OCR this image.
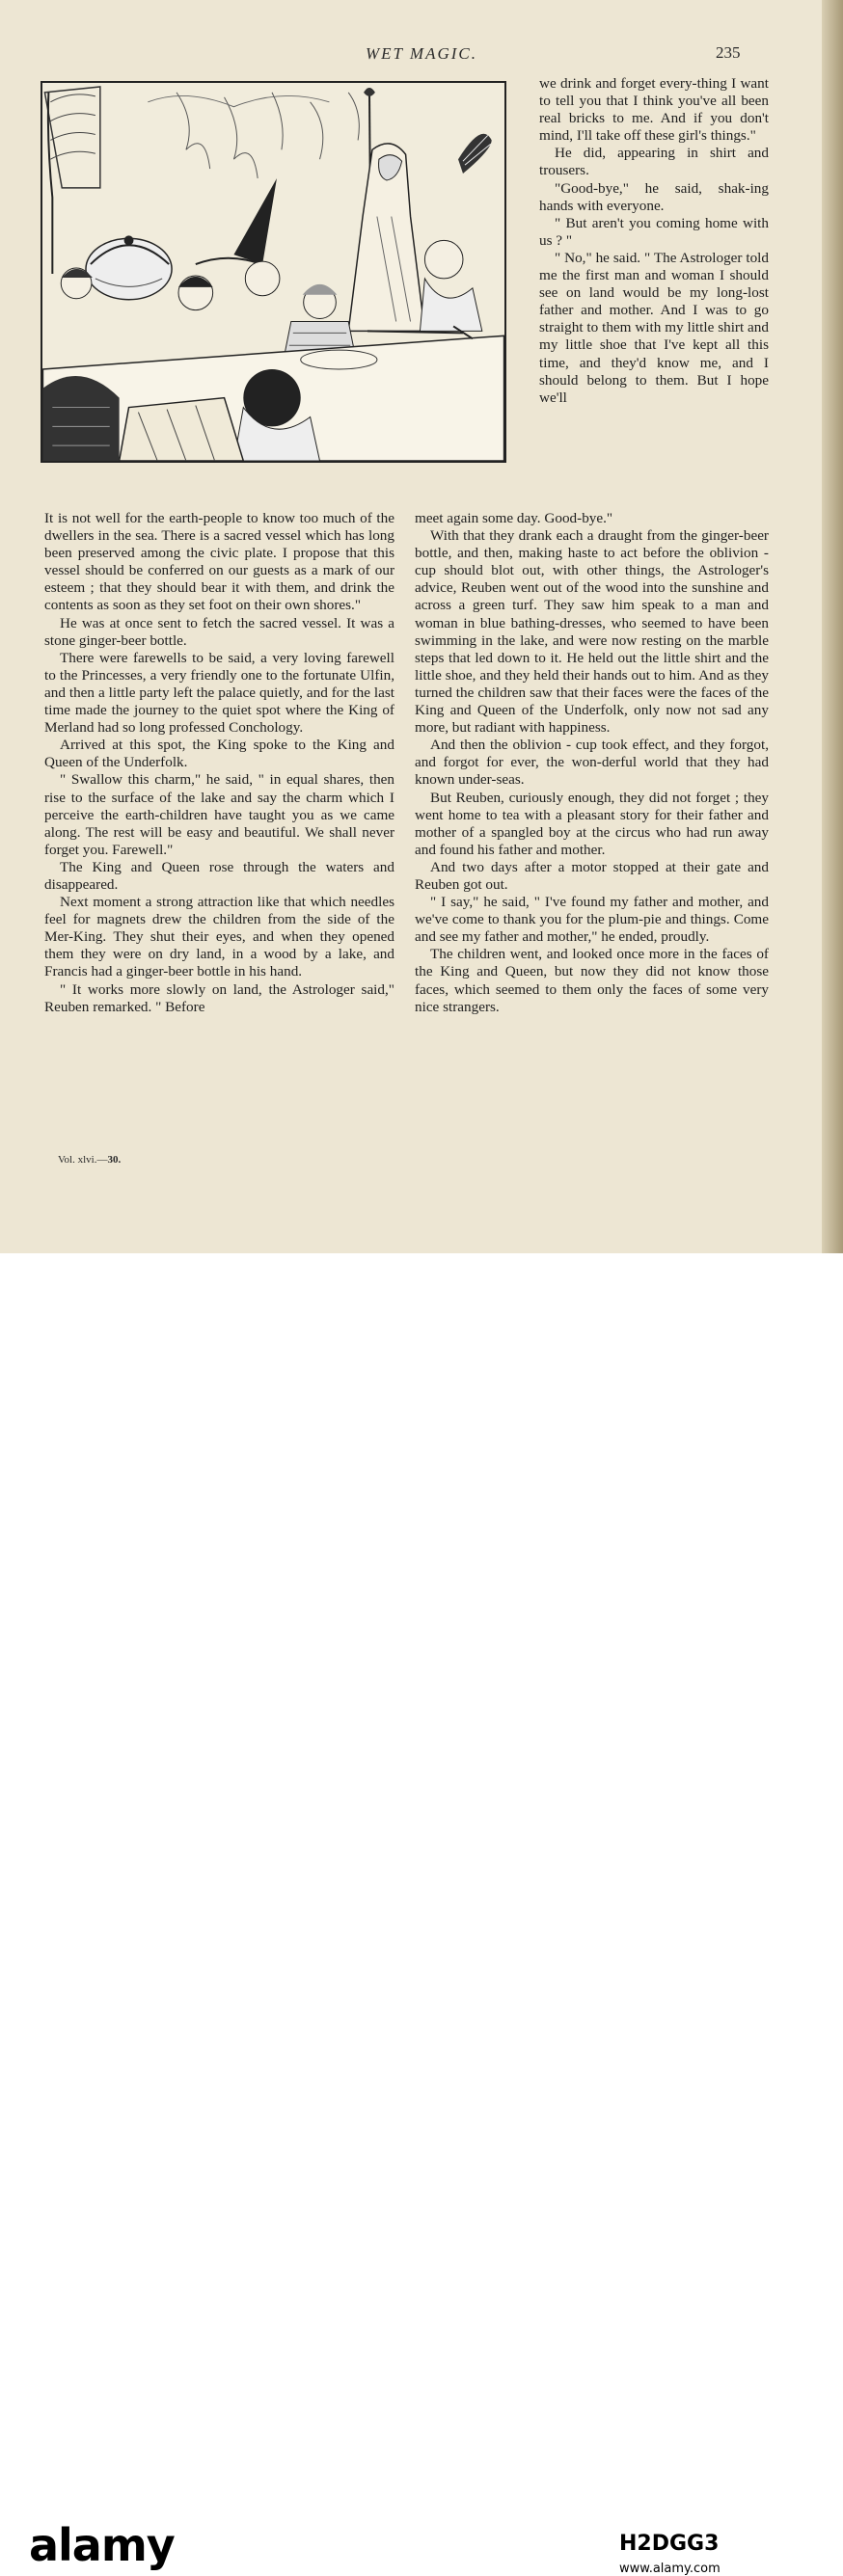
WET MAGIC.	235

we drink and forget every-thing I want to tell you that I think you've all been real bricks to me. And if you don't mind, I'll take off these girl's things."

He did, appearing in shirt and trousers.

"Good-bye," he said, shak-ing hands with everyone.

" But aren't you coming home with us ? "

" No," he said. " The Astrologer told me the first man and woman I should see on land would be my long-lost father and mother. And I was to go straight to them with my little shirt and my little shoe that I've kept all this time, and they'd know me, and I should belong to them. But I hope we'll

It is not well for the earth-people to know too much of the dwellers in the sea. There is a sacred vessel which has long been preserved among the civic plate. I propose that this vessel should be conferred on our guests as a mark of our esteem ; that they should bear it with them, and drink the contents as soon as they set foot on their own shores."

He was at once sent to fetch the sacred vessel. It was a stone ginger-beer bottle.

There were farewells to be said, a very loving farewell to the Princesses, a very friendly one to the fortunate Ulfin, and then a little party left the palace quietly, and for the last time made the journey to the quiet spot where the King of Merland had so long professed Conchology.

Arrived at this spot, the King spoke to the King and Queen of the Underfolk.

" Swallow this charm," he said, " in equal shares, then rise to the surface of the lake and say the charm which I perceive the earth-children have taught you as we came along. The rest will be easy and beautiful. We shall never forget you. Farewell."

The King and Queen rose through the waters and disappeared.

Next moment a strong attraction like that which needles feel for magnets drew the children from the side of the Mer-King. They shut their eyes, and when they opened them they were on dry land, in a wood by a lake, and Francis had a ginger-beer bottle in his hand.

" It works more slowly on land, the Astrologer said," Reuben remarked. " Before

meet again some day. Good-bye."

With that they drank each a draught from the ginger-beer bottle, and then, making haste to act before the oblivion - cup should blot out, with other things, the Astrologer's advice, Reuben went out of the wood into the sunshine and across a green turf. They saw him speak to a man and woman in blue bathing-dresses, who seemed to have been swimming in the lake, and were now resting on the marble steps that led down to it. He held out the little shirt and the little shoe, and they held their hands out to him. And as they turned the children saw that their faces were the faces of the King and Queen of the Underfolk, only now not sad any more, but radiant with happiness.

And then the oblivion - cup took effect, and they forgot, and forgot for ever, the won-derful world that they had known under-seas.

But Reuben, curiously enough, they did not forget ; they went home to tea with a pleasant story for their father and mother of a spangled boy at the circus who had run away and found his father and mother.

And two days after a motor stopped at their gate and Reuben got out.

" I say," he said, " I've found my father and mother, and we've come to thank you for the plum-pie and things. Come and see my father and mother," he ended, proudly.

The children went, and looked once more in the faces of the King and Queen, but now they did not know those faces, which seemed to them only the faces of some very nice strangers.

Vol. xlvi.—30.
alamy	H2DGG3
www.alamy.com
